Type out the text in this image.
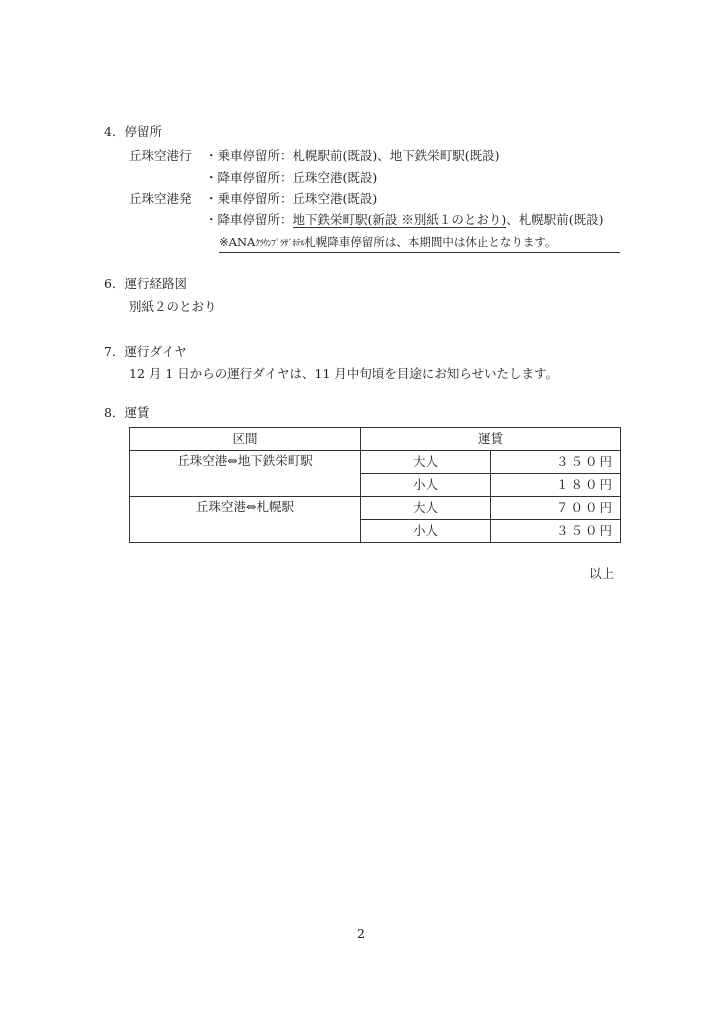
4．停留所
丘珠空港行 ・乗車停留所：札幌駅前(既設)、地下鉄栄町駅(既設)
・降車停留所：丘珠空港(既設)
丘珠空港発 ・乗車停留所：丘珠空港(既設)
・降車停留所：地下鉄栄町駅(新設 ※別紙１のとおり)、札幌駅前(既設)
※ANAｸﾗｳﾝﾌﾟﾗｻﾞﾎﾃﾙ札幌降車停留所は、本期間中は休止となります。
6．運行経路図
別紙２のとおり
7．運行ダイヤ
12 月 1 日からの運行ダイヤは、11 月中旬頃を目途にお知らせいたします。
8．運賃
区間	運賃	
丘珠空港⇔地下鉄栄町駅	大人	３５０円
	小人	１８０円
丘珠空港⇔札幌駅	大人	７００円
	小人	３５０円
以上
2
